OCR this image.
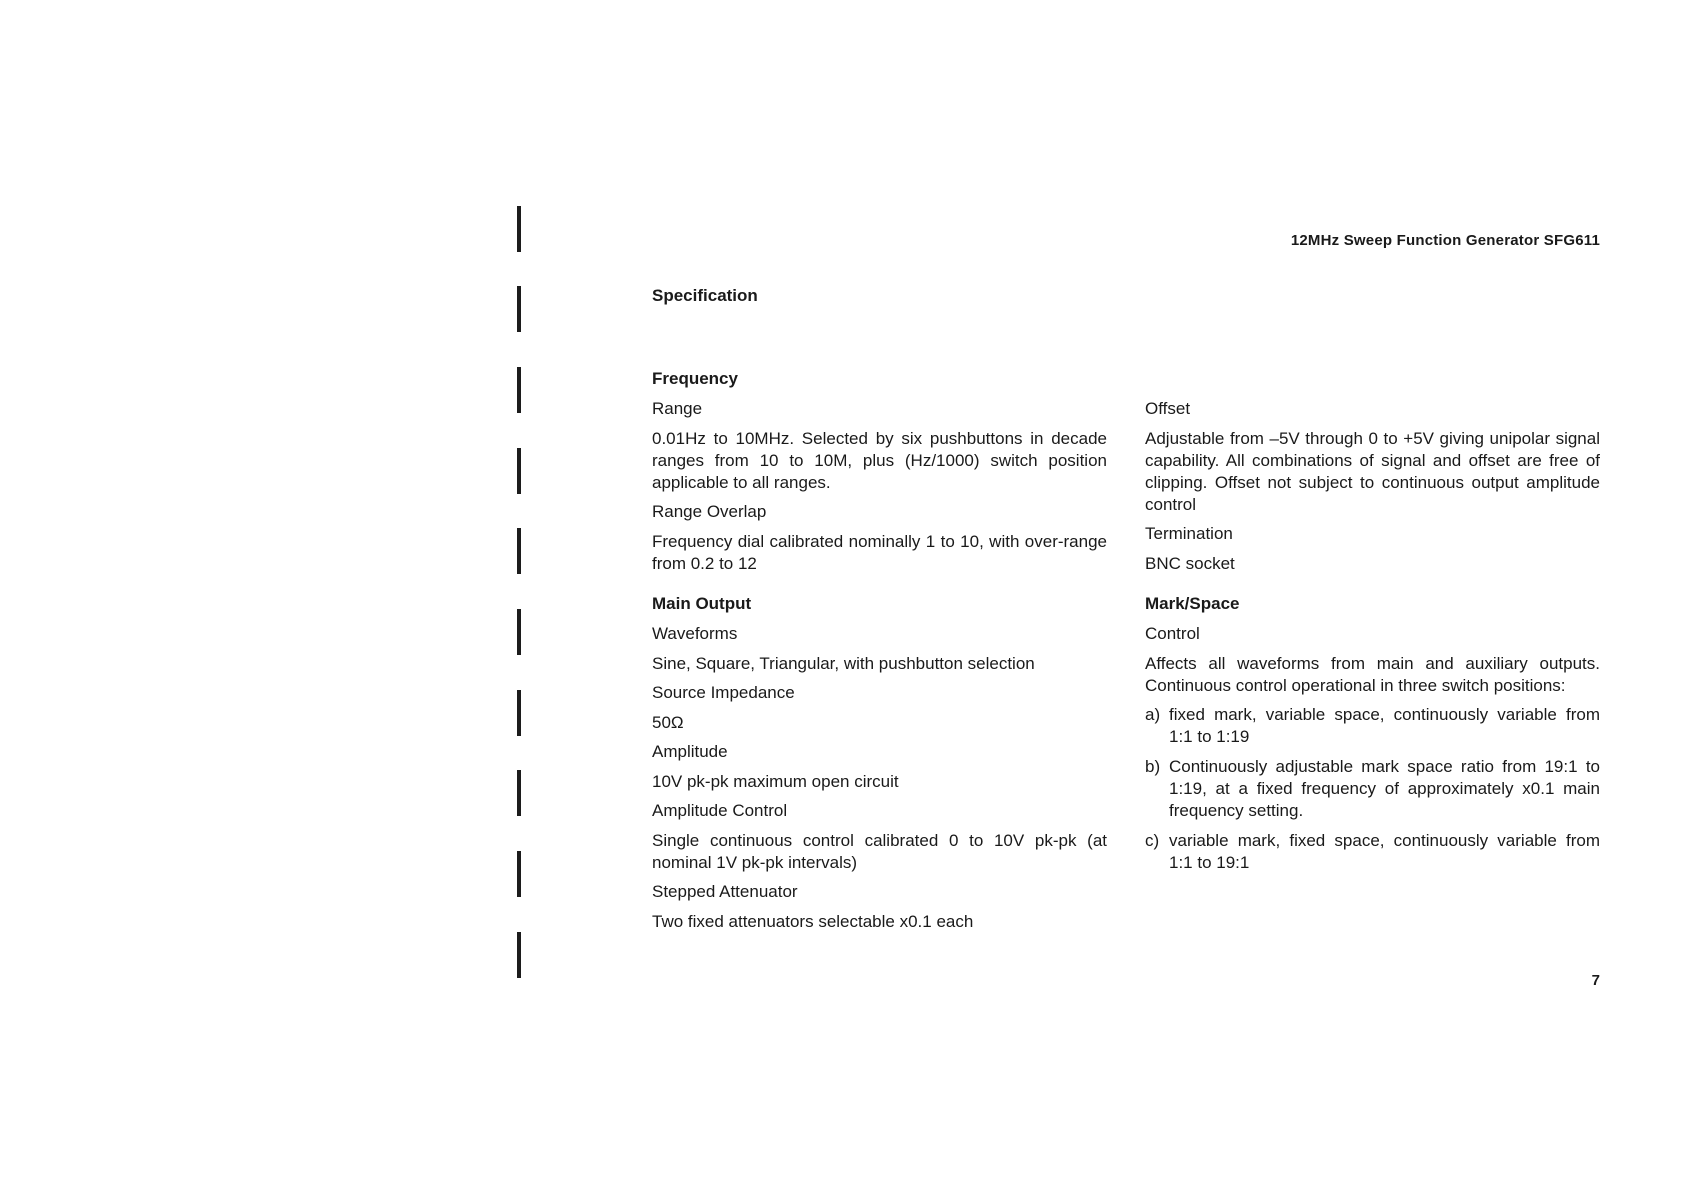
12MHz Sweep Function Generator SFG611
Specification
Frequency
Range
0.01Hz to 10MHz. Selected by six pushbuttons in decade ranges from 10 to 10M, plus (Hz/1000) switch position applicable to all ranges.
Range Overlap
Frequency dial calibrated nominally 1 to 10, with over-range from 0.2 to 12
Main Output
Waveforms
Sine, Square, Triangular, with pushbutton selection
Source Impedance
50Ω
Amplitude
10V pk-pk maximum open circuit
Amplitude Control
Single continuous control calibrated 0 to 10V pk-pk (at nominal 1V pk-pk intervals)
Stepped Attenuator
Two fixed attenuators selectable x0.1 each
Offset
Adjustable from –5V through 0 to +5V giving unipolar signal capability. All combinations of signal and offset are free of clipping. Offset not subject to continuous output amplitude control
Termination
BNC socket
Mark/Space
Control
Affects all waveforms from main and auxiliary outputs. Continuous control operational in three switch positions:
a) fixed mark, variable space, continuously variable from 1:1 to 1:19
b) Continuously adjustable mark space ratio from 19:1 to 1:19, at a fixed frequency of approximately x0.1 main frequency setting.
c) variable mark, fixed space, continuously variable from 1:1 to 19:1
7
